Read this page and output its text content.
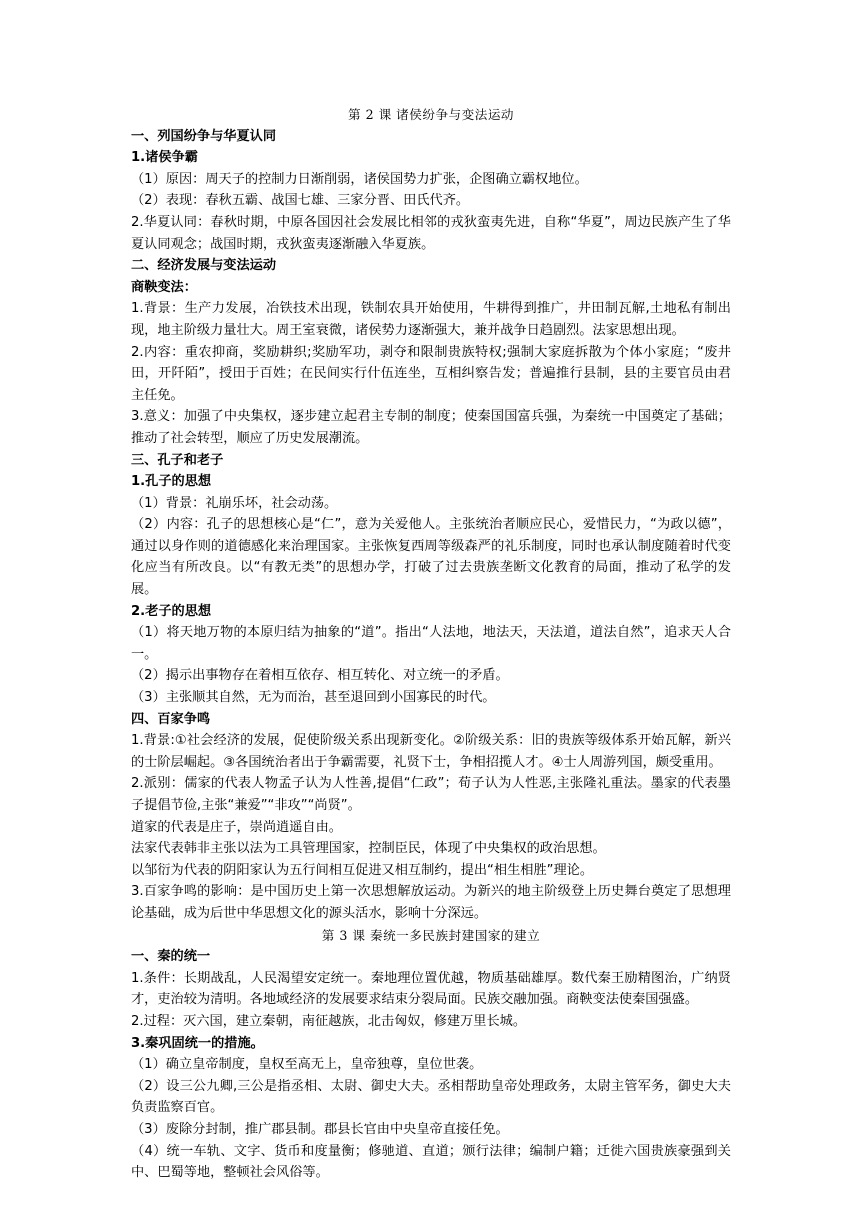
第 2 课 诸侯纷争与变法运动

一、列国纷争与华夏认同

1.诸侯争霸

（1）原因：周天子的控制力日渐削弱，诸侯国势力扩张，企图确立霸权地位。

（2）表现：春秋五霸、战国七雄、三家分晋、田氏代齐。

2.华夏认同：春秋时期，中原各国因社会发展比相邻的戎狄蛮夷先进，自称“华夏”，周边民族产生了华夏认同观念；战国时期，戎狄蛮夷逐渐融入华夏族。

二、经济发展与变法运动

商鞅变法：

1.背景：生产力发展，冶铁技术出现，铁制农具开始使用，牛耕得到推广，井田制瓦解,土地私有制出现，地主阶级力量壮大。周王室衰微，诸侯势力逐渐强大，兼并战争日趋剧烈。法家思想出现。

2.内容：重农抑商，奖励耕织;奖励军功，剥夺和限制贵族特权;强制大家庭拆散为个体小家庭；“废井田，开阡陌”，授田于百姓；在民间实行什伍连坐，互相纠察告发；普遍推行县制，县的主要官员由君主任免。

3.意义：加强了中央集权，逐步建立起君主专制的制度；使秦国国富兵强，为秦统一中国奠定了基础；推动了社会转型，顺应了历史发展潮流。

三、孔子和老子

1.孔子的思想

（1）背景：礼崩乐坏，社会动荡。

（2）内容：孔子的思想核心是“仁”，意为关爱他人。主张统治者顺应民心，爱惜民力，“为政以德”，通过以身作则的道德感化来治理国家。主张恢复西周等级森严的礼乐制度，同时也承认制度随着时代变化应当有所改良。以“有教无类”的思想办学，打破了过去贵族垄断文化教育的局面，推动了私学的发展。

2.老子的思想

（1）将天地万物的本原归结为抽象的“道”。指出“人法地，地法天，天法道，道法自然”，追求天人合一。

（2）揭示出事物存在着相互依存、相互转化、对立统一的矛盾。

（3）主张顺其自然，无为而治，甚至退回到小国寡民的时代。

四、百家争鸣

1.背景:①社会经济的发展，促使阶级关系出现新变化。②阶级关系：旧的贵族等级体系开始瓦解，新兴的士阶层崛起。③各国统治者出于争霸需要，礼贤下士，争相招揽人才。④士人周游列国，颇受重用。

2.派别：儒家的代表人物孟子认为人性善,提倡“仁政”；荀子认为人性恶,主张隆礼重法。墨家的代表墨子提倡节俭,主张“兼爱”“非攻”“尚贤”。

道家的代表是庄子，崇尚逍遥自由。

法家代表韩非主张以法为工具管理国家，控制臣民，体现了中央集权的政治思想。

以邹衍为代表的阴阳家认为五行间相互促进又相互制约，提出“相生相胜”理论。

3.百家争鸣的影响：是中国历史上第一次思想解放运动。为新兴的地主阶级登上历史舞台奠定了思想理论基础，成为后世中华思想文化的源头活水，影响十分深远。

第 3 课 秦统一多民族封建国家的建立

一、秦的统一

1.条件：长期战乱，人民渴望安定统一。秦地理位置优越，物质基础雄厚。数代秦王励精图治，广纳贤才，吏治较为清明。各地域经济的发展要求结束分裂局面。民族交融加强。商鞅变法使秦国强盛。

2.过程：灭六国，建立秦朝，南征越族，北击匈奴，修建万里长城。

3.秦巩固统一的措施。

（1）确立皇帝制度，皇权至高无上，皇帝独尊，皇位世袭。

（2）设三公九卿,三公是指丞相、太尉、御史大夫。丞相帮助皇帝处理政务，太尉主管军务，御史大夫负责监察百官。

（3）废除分封制，推广郡县制。郡县长官由中央皇帝直接任免。

（4）统一车轨、文字、货币和度量衡；修驰道、直道；颁行法律；编制户籍；迁徙六国贵族豪强到关中、巴蜀等地，整顿社会风俗等。
